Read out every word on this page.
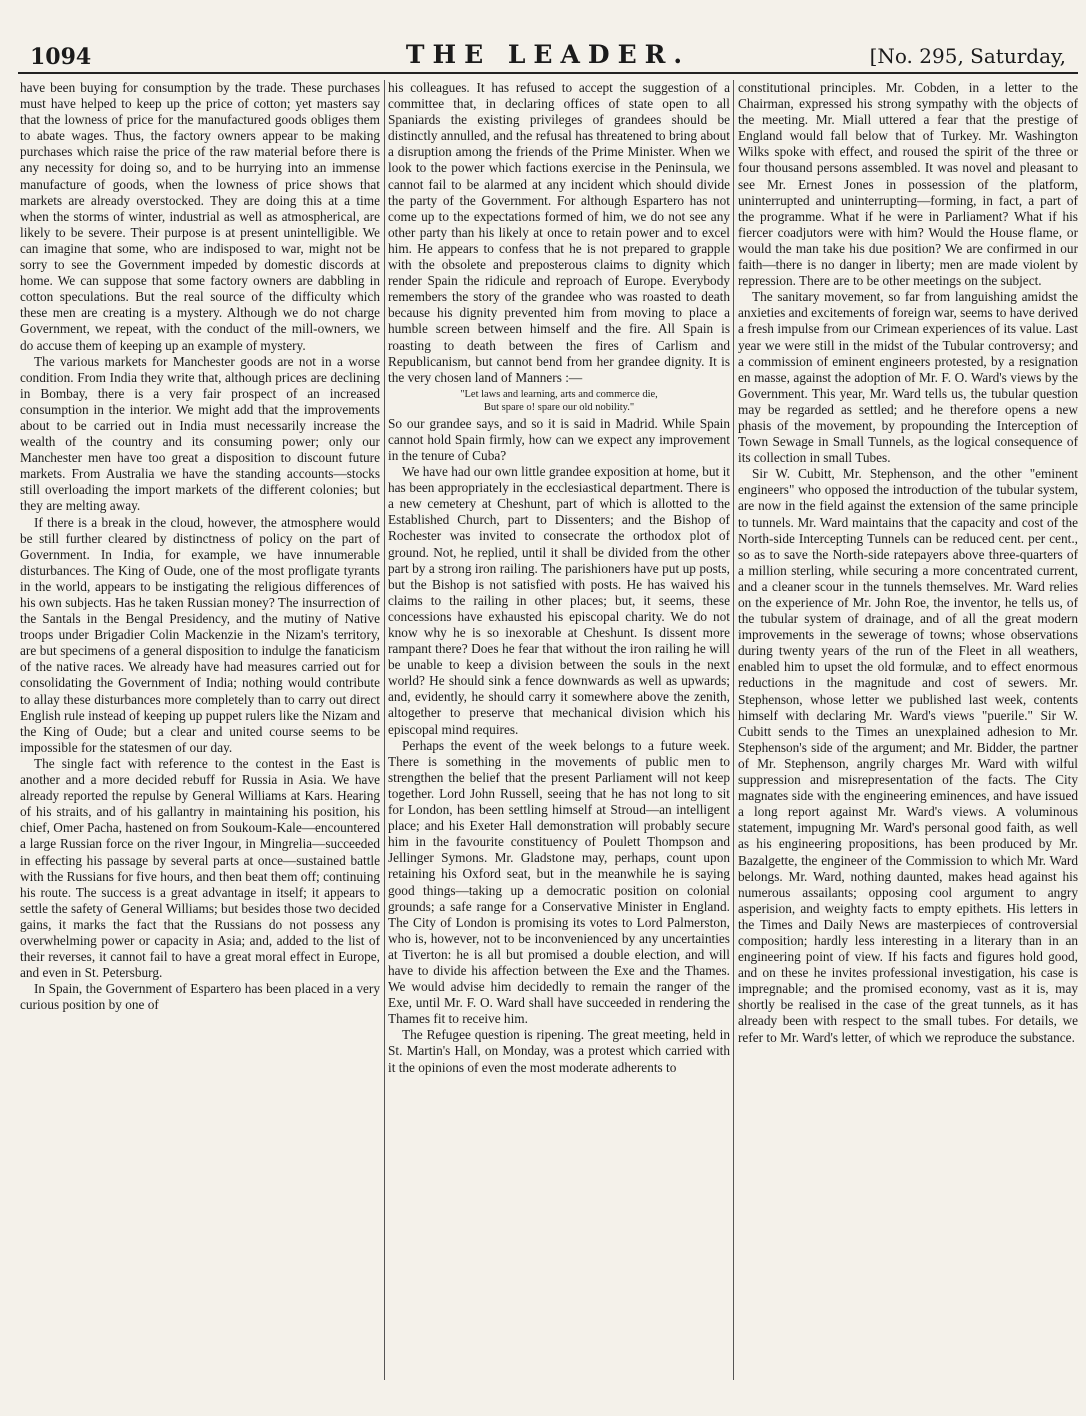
1094	THE LEADER.	[No. 295, Saturday,

have been buying for consumption by the trade. These purchases must have helped to keep up the price of cotton; yet masters say that the lowness of price for the manufactured goods obliges them to abate wages. Thus, the factory owners appear to be making purchases which raise the price of the raw material before there is any necessity for doing so, and to be hurrying into an immense manufacture of goods, when the lowness of price shows that markets are already overstocked. They are doing this at a time when the storms of winter, industrial as well as atmospherical, are likely to be severe. Their purpose is at present unintelligible. We can imagine that some, who are indisposed to war, might not be sorry to see the Government impeded by domestic discords at home. We can suppose that some factory owners are dabbling in cotton speculations. But the real source of the difficulty which these men are creating is a mystery. Although we do not charge Government, we repeat, with the conduct of the mill-owners, we do accuse them of keeping up an example of mystery.

The various markets for Manchester goods are not in a worse condition. From India they write that, although prices are declining in Bombay, there is a very fair prospect of an increased consumption in the interior. We might add that the improvements about to be carried out in India must necessarily increase the wealth of the country and its consuming power; only our Manchester men have too great a disposition to discount future markets. From Australia we have the standing accounts—stocks still overloading the import markets of the different colonies; but they are melting away.

If there is a break in the cloud, however, the atmosphere would be still further cleared by distinctness of policy on the part of Government. In India, for example, we have innumerable disturbances. The King of Oude, one of the most profligate tyrants in the world, appears to be instigating the religious differences of his own subjects. Has he taken Russian money? The insurrection of the Santals in the Bengal Presidency, and the mutiny of Native troops under Brigadier Colin Mackenzie in the Nizam's territory, are but specimens of a general disposition to indulge the fanaticism of the native races. We already have had measures carried out for consolidating the Government of India; nothing would contribute to allay these disturbances more completely than to carry out direct English rule instead of keeping up puppet rulers like the Nizam and the King of Oude; but a clear and united course seems to be impossible for the statesmen of our day.

The single fact with reference to the contest in the East is another and a more decided rebuff for Russia in Asia. We have already reported the repulse by General Williams at Kars. Hearing of his straits, and of his gallantry in maintaining his position, his chief, Omer Pacha, hastened on from Soukoum-Kale—encountered a large Russian force on the river Ingour, in Mingrelia—succeeded in effecting his passage by several parts at once—sustained battle with the Russians for five hours, and then beat them off; continuing his route. The success is a great advantage in itself; it appears to settle the safety of General Williams; but besides those two decided gains, it marks the fact that the Russians do not possess any overwhelming power or capacity in Asia; and, added to the list of their reverses, it cannot fail to have a great moral effect in Europe, and even in St. Petersburg.

In Spain, the Government of Espartero has been placed in a very curious position by one of

his colleagues. It has refused to accept the suggestion of a committee that, in declaring offices of state open to all Spaniards the existing privileges of grandees should be distinctly annulled, and the refusal has threatened to bring about a disruption among the friends of the Prime Minister. When we look to the power which factions exercise in the Peninsula, we cannot fail to be alarmed at any incident which should divide the party of the Government. For although Espartero has not come up to the expectations formed of him, we do not see any other party than his likely at once to retain power and to excel him. He appears to confess that he is not prepared to grapple with the obsolete and preposterous claims to dignity which render Spain the ridicule and reproach of Europe. Everybody remembers the story of the grandee who was roasted to death because his dignity prevented him from moving to place a humble screen between himself and the fire. All Spain is roasting to death between the fires of Carlism and Republicanism, but cannot bend from her grandee dignity. It is the very chosen land of Manners :—

"Let laws and learning, arts and commerce die,
But spare o! spare our old nobility."

So our grandee says, and so it is said in Madrid. While Spain cannot hold Spain firmly, how can we expect any improvement in the tenure of Cuba?

We have had our own little grandee exposition at home, but it has been appropriately in the ecclesiastical department. There is a new cemetery at Cheshunt, part of which is allotted to the Established Church, part to Dissenters; and the Bishop of Rochester was invited to consecrate the orthodox plot of ground. Not, he replied, until it shall be divided from the other part by a strong iron railing. The parishioners have put up posts, but the Bishop is not satisfied with posts. He has waived his claims to the railing in other places; but, it seems, these concessions have exhausted his episcopal charity. We do not know why he is so inexorable at Cheshunt. Is dissent more rampant there? Does he fear that without the iron railing he will be unable to keep a division between the souls in the next world? He should sink a fence downwards as well as upwards; and, evidently, he should carry it somewhere above the zenith, altogether to preserve that mechanical division which his episcopal mind requires.

Perhaps the event of the week belongs to a future week. There is something in the movements of public men to strengthen the belief that the present Parliament will not keep together. Lord John Russell, seeing that he has not long to sit for London, has been settling himself at Stroud—an intelligent place; and his Exeter Hall demonstration will probably secure him in the favourite constituency of Poulett Thompson and Jellinger Symons. Mr. Gladstone may, perhaps, count upon retaining his Oxford seat, but in the meanwhile he is saying good things—taking up a democratic position on colonial grounds; a safe range for a Conservative Minister in England. The City of London is promising its votes to Lord Palmerston, who is, however, not to be inconvenienced by any uncertainties at Tiverton: he is all but promised a double election, and will have to divide his affection between the Exe and the Thames. We would advise him decidedly to remain the ranger of the Exe, until Mr. F. O. Ward shall have succeeded in rendering the Thames fit to receive him.

The Refugee question is ripening. The great meeting, held in St. Martin's Hall, on Monday, was a protest which carried with it the opinions of even the most moderate adherents to

constitutional principles. Mr. Cobden, in a letter to the Chairman, expressed his strong sympathy with the objects of the meeting. Mr. Miall uttered a fear that the prestige of England would fall below that of Turkey. Mr. Washington Wilks spoke with effect, and roused the spirit of the three or four thousand persons assembled. It was novel and pleasant to see Mr. Ernest Jones in possession of the platform, uninterrupted and uninterrupting—forming, in fact, a part of the programme. What if he were in Parliament? What if his fiercer coadjutors were with him? Would the House flame, or would the man take his due position? We are confirmed in our faith—there is no danger in liberty; men are made violent by repression. There are to be other meetings on the subject.

The sanitary movement, so far from languishing amidst the anxieties and excitements of foreign war, seems to have derived a fresh impulse from our Crimean experiences of its value. Last year we were still in the midst of the Tubular controversy; and a commission of eminent engineers protested, by a resignation en masse, against the adoption of Mr. F. O. Ward's views by the Government. This year, Mr. Ward tells us, the tubular question may be regarded as settled; and he therefore opens a new phasis of the movement, by propounding the Interception of Town Sewage in Small Tunnels, as the logical consequence of its collection in small Tubes.

Sir W. Cubitt, Mr. Stephenson, and the other "eminent engineers" who opposed the introduction of the tubular system, are now in the field against the extension of the same principle to tunnels. Mr. Ward maintains that the capacity and cost of the North-side Intercepting Tunnels can be reduced cent. per cent., so as to save the North-side ratepayers above three-quarters of a million sterling, while securing a more concentrated current, and a cleaner scour in the tunnels themselves. Mr. Ward relies on the experience of Mr. John Roe, the inventor, he tells us, of the tubular system of drainage, and of all the great modern improvements in the sewerage of towns; whose observations during twenty years of the run of the Fleet in all weathers, enabled him to upset the old formulæ, and to effect enormous reductions in the magnitude and cost of sewers. Mr. Stephenson, whose letter we published last week, contents himself with declaring Mr. Ward's views "puerile." Sir W. Cubitt sends to the Times an unexplained adhesion to Mr. Stephenson's side of the argument; and Mr. Bidder, the partner of Mr. Stephenson, angrily charges Mr. Ward with wilful suppression and misrepresentation of the facts. The City magnates side with the engineering eminences, and have issued a long report against Mr. Ward's views. A voluminous statement, impugning Mr. Ward's personal good faith, as well as his engineering propositions, has been produced by Mr. Bazalgette, the engineer of the Commission to which Mr. Ward belongs. Mr. Ward, nothing daunted, makes head against his numerous assailants; opposing cool argument to angry asperision, and weighty facts to empty epithets. His letters in the Times and Daily News are masterpieces of controversial composition; hardly less interesting in a literary than in an engineering point of view. If his facts and figures hold good, and on these he invites professional investigation, his case is impregnable; and the promised economy, vast as it is, may shortly be realised in the case of the great tunnels, as it has already been with respect to the small tubes. For details, we refer to Mr. Ward's letter, of which we reproduce the substance.
